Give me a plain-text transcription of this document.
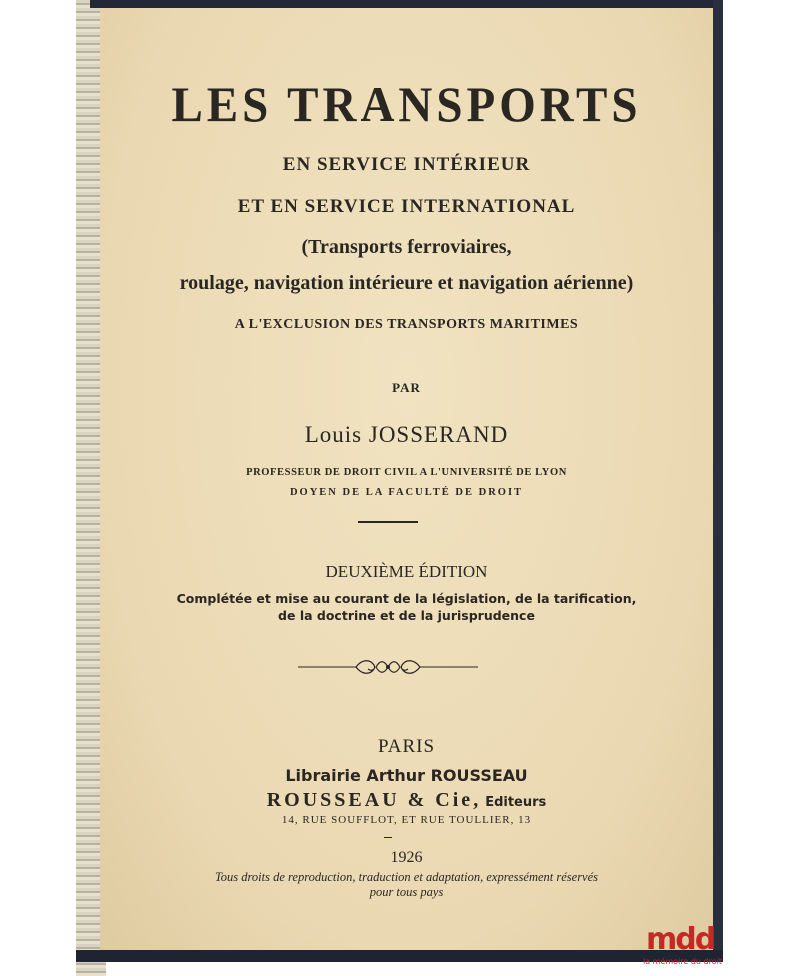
LES TRANSPORTS
EN SERVICE INTÉRIEUR
ET EN SERVICE INTERNATIONAL
(Transports ferroviaires,
roulage, navigation intérieure et navigation aérienne)
A L'EXCLUSION DES TRANSPORTS MARITIMES
PAR
Louis JOSSERAND
PROFESSEUR DE DROIT CIVIL A L'UNIVERSITÉ DE LYON
DOYEN DE LA FACULTÉ DE DROIT
DEUXIÈME ÉDITION
Complétée et mise au courant de la législation, de la tarification,
de la doctrine et de la jurisprudence
PARIS
Librairie Arthur ROUSSEAU
ROUSSEAU & Cie, Editeurs
14, RUE SOUFFLOT, ET RUE TOULLIER, 13
1926
Tous droits de reproduction, traduction et adaptation, expressément réservés
pour tous pays
mdd
la mémoire du droit
